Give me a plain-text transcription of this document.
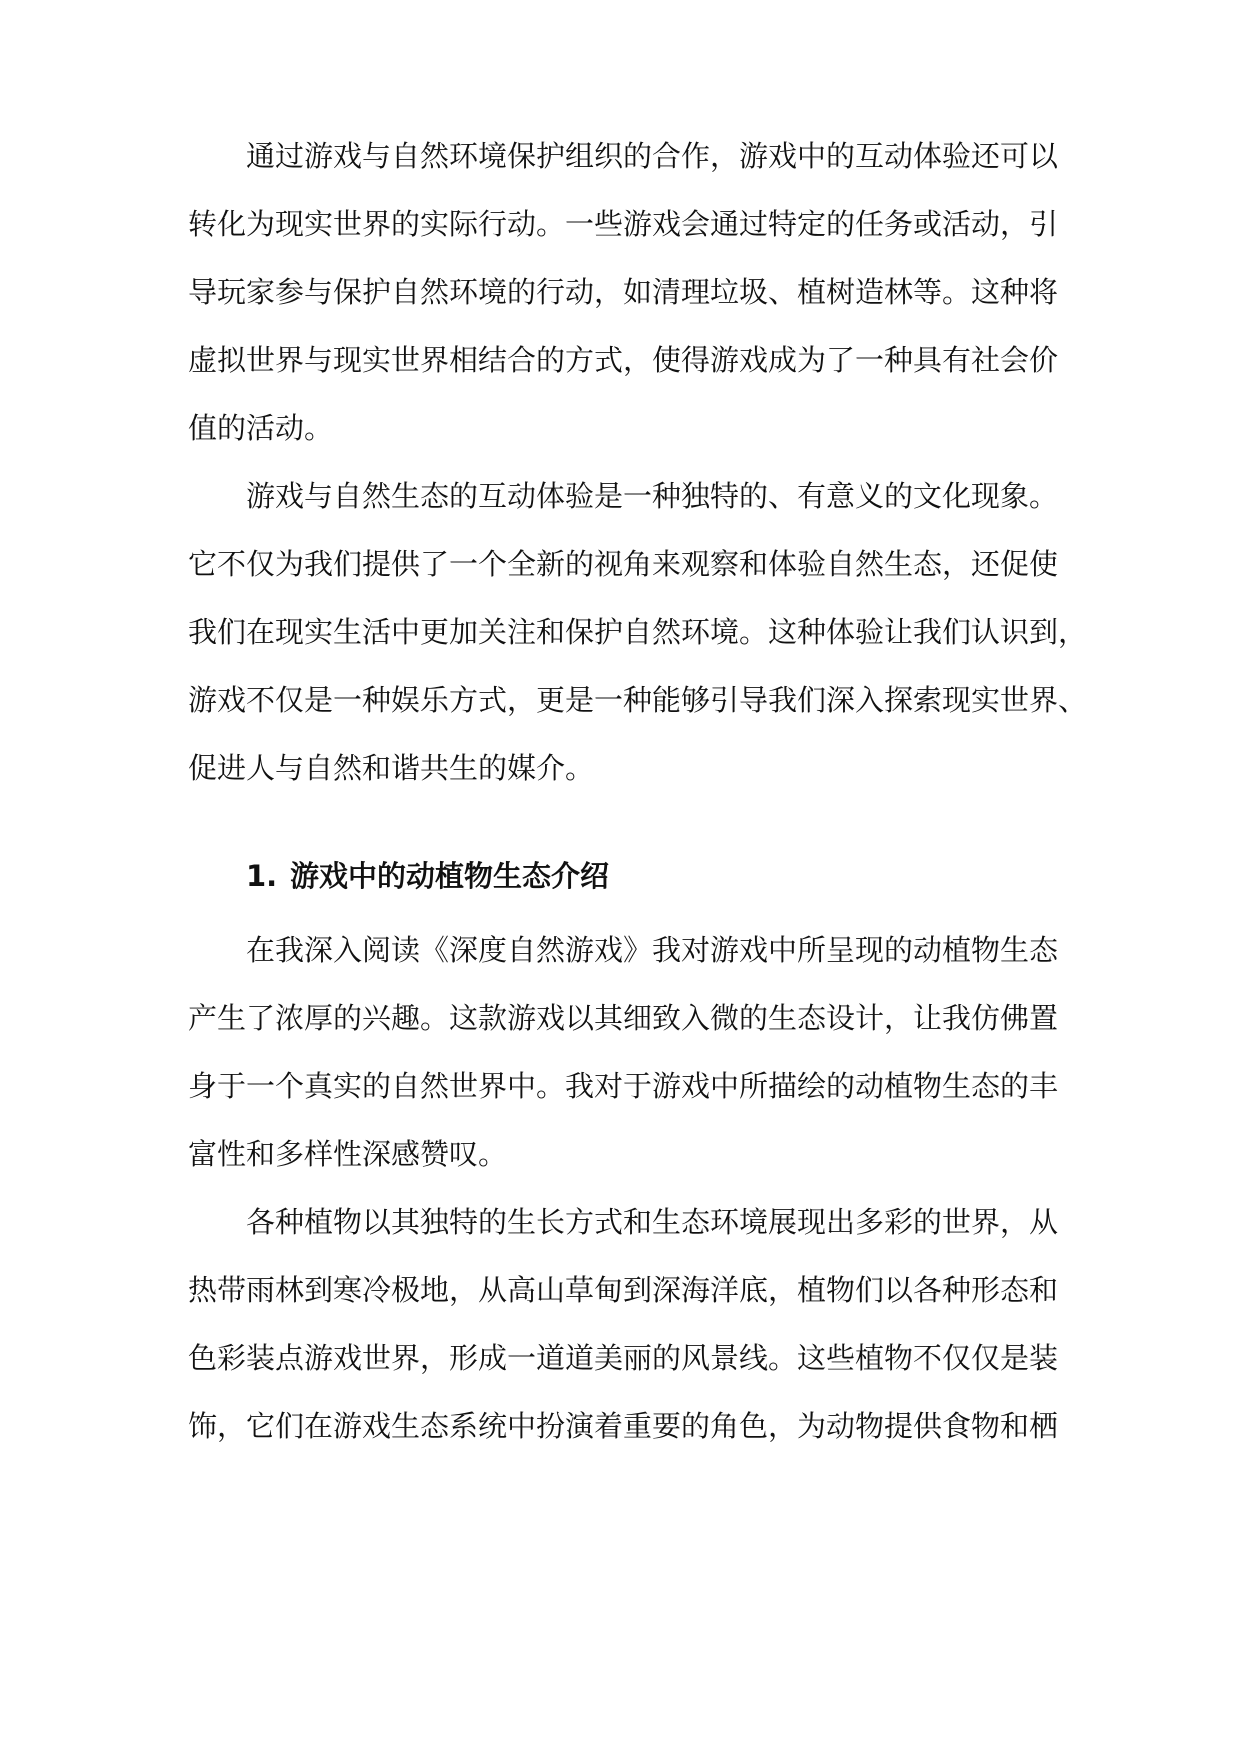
通过游戏与自然环境保护组织的合作，游戏中的互动体验还可以
转化为现实世界的实际行动。一些游戏会通过特定的任务或活动，引
导玩家参与保护自然环境的行动，如清理垃圾、植树造林等。这种将
虚拟世界与现实世界相结合的方式，使得游戏成为了一种具有社会价
值的活动。
游戏与自然生态的互动体验是一种独特的、有意义的文化现象。
它不仅为我们提供了一个全新的视角来观察和体验自然生态，还促使
我们在现实生活中更加关注和保护自然环境。这种体验让我们认识到，
游戏不仅是一种娱乐方式，更是一种能够引导我们深入探索现实世界、
促进人与自然和谐共生的媒介。
1. 游戏中的动植物生态介绍
在我深入阅读《深度自然游戏》我对游戏中所呈现的动植物生态
产生了浓厚的兴趣。这款游戏以其细致入微的生态设计，让我仿佛置
身于一个真实的自然世界中。我对于游戏中所描绘的动植物生态的丰
富性和多样性深感赞叹。
各种植物以其独特的生长方式和生态环境展现出多彩的世界，从
热带雨林到寒冷极地，从高山草甸到深海洋底，植物们以各种形态和
色彩装点游戏世界，形成一道道美丽的风景线。这些植物不仅仅是装
饰，它们在游戏生态系统中扮演着重要的角色，为动物提供食物和栖
